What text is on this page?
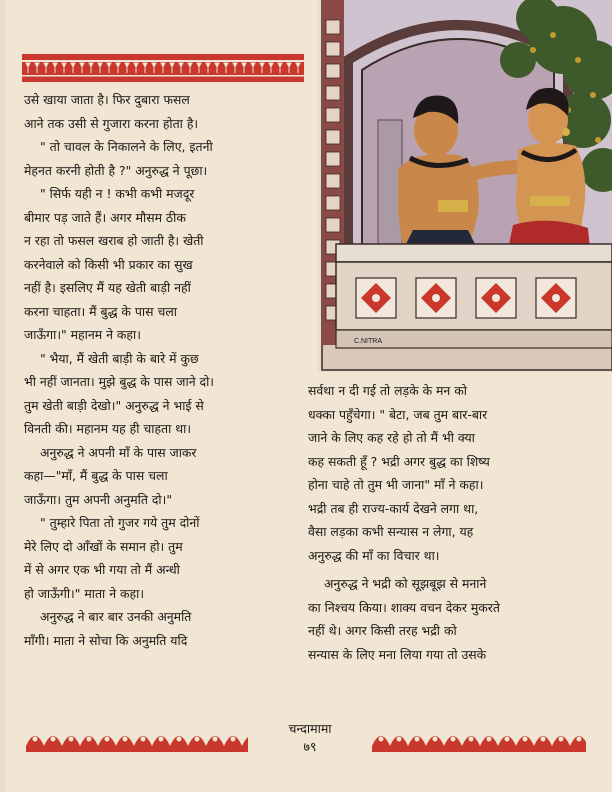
उसे खाया जाता है। फिर दुबारा फसल

आने तक उसी से गुजारा करना होता है।

" तो चावल के निकालने के लिए, इतनी

मेहनत करनी होती है ?" अनुरुद्ध ने पूछा।

" सिर्फ यही न ! कभी कभी मजदूर

बीमार पड़ जाते हैं। अगर मौसम ठीक

न रहा तो फसल खराब हो जाती है। खेती

करनेवाले को किसी भी प्रकार का सुख

नहीं है। इसलिए मैं यह खेती बाड़ी नहीं

करना चाहता। मैं बुद्ध के पास चला

जाऊँगा।" महानम ने कहा।

" भैया, मैं खेती बाड़ी के बारे में कुछ

भी नहीं जानता। मुझे बुद्ध के पास जाने दो।

तुम खेती बाड़ी देखो।" अनुरुद्ध ने भाई से

विनती की। महानम यह ही चाहता था।

अनुरुद्ध ने अपनी माँ के पास जाकर

कहा—"माँ, मैं बुद्ध के पास चला

जाऊँगा। तुम अपनी अनुमति दो।"

" तुम्हारे पिता तो गुजर गये तुम दोनों

मेरे लिए दो आँखों के समान हो। तुम

में से अगर एक भी गया तो मैं अन्धी

हो जाऊँगी।" माता ने कहा।

अनुरुद्ध ने बार बार उनकी अनुमति

माँगी। माता ने सोचा कि अनुमति यदि

C.NITRA

सर्वथा न दी गई तो लड़के के मन को

धक्का पहुँचेगा। " बेटा, जब तुम बार-बार

जाने के लिए कह रहे हो तो मैं भी क्या

कह सकती हूँ ? भद्री अगर बुद्ध का शिष्य

होना चाहे तो तुम भी जाना" माँ ने कहा।

भद्री तब ही राज्य-कार्य देखने लगा था,

वैसा लड़का कभी सन्यास न लेगा, यह

अनुरुद्ध की माँ का विचार था।

अनुरुद्ध ने भद्री को सूझबूझ से मनाने

का निश्चय किया। शाक्य वचन देकर मुकरते

नहीं थे। अगर किसी तरह भद्री को

सन्यास के लिए मना लिया गया तो उसके

चन्दामामा
७९
